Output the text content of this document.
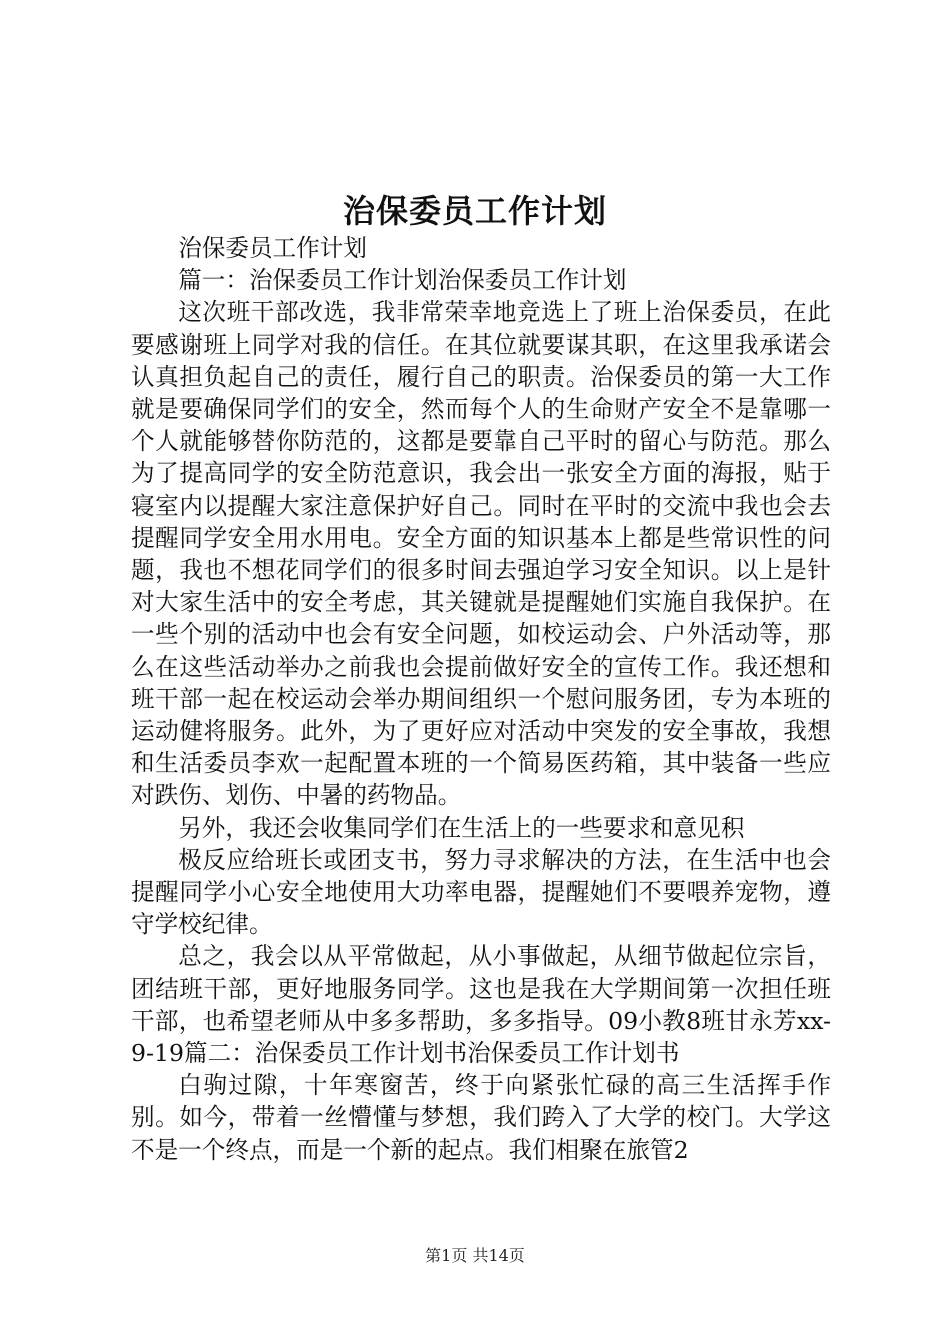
治保委员工作计划

治保委员工作计划

篇一：治保委员工作计划治保委员工作计划

这次班干部改选，我非常荣幸地竞选上了班上治保委员，在此要感谢班上同学对我的信任。在其位就要谋其职，在这里我承诺会认真担负起自己的责任，履行自己的职责。治保委员的第一大工作就是要确保同学们的安全，然而每个人的生命财产安全不是靠哪一个人就能够替你防范的，这都是要靠自己平时的留心与防范。那么为了提高同学的安全防范意识，我会出一张安全方面的海报，贴于寝室内以提醒大家注意保护好自己。同时在平时的交流中我也会去提醒同学安全用水用电。安全方面的知识基本上都是些常识性的问题，我也不想花同学们的很多时间去强迫学习安全知识。以上是针对大家生活中的安全考虑，其关键就是提醒她们实施自我保护。在一些个别的活动中也会有安全问题，如校运动会、户外活动等，那么在这些活动举办之前我也会提前做好安全的宣传工作。我还想和班干部一起在校运动会举办期间组织一个慰问服务团，专为本班的运动健将服务。此外，为了更好应对活动中突发的安全事故，我想和生活委员李欢一起配置本班的一个简易医药箱，其中装备一些应对跌伤、划伤、中暑的药物品。

另外，我还会收集同学们在生活上的一些要求和意见积

极反应给班长或团支书，努力寻求解决的方法，在生活中也会提醒同学小心安全地使用大功率电器，提醒她们不要喂养宠物，遵守学校纪律。

总之，我会以从平常做起，从小事做起，从细节做起位宗旨，团结班干部，更好地服务同学。这也是我在大学期间第一次担任班干部，也希望老师从中多多帮助，多多指导。09小教8班甘永芳xx-9-19篇二：治保委员工作计划书治保委员工作计划书

白驹过隙，十年寒窗苦，终于向紧张忙碌的高三生活挥手作别。如今，带着一丝懵懂与梦想，我们跨入了大学的校门。大学这不是一个终点，而是一个新的起点。我们相聚在旅管2

第1页 共14页
